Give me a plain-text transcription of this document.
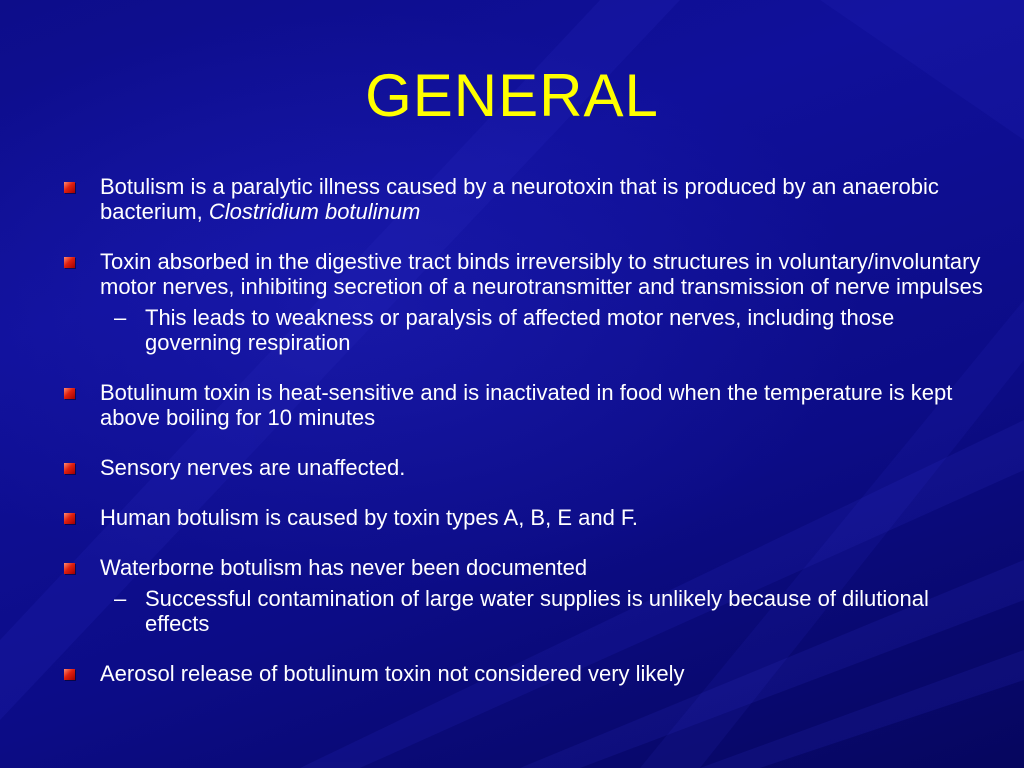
GENERAL
Botulism is a paralytic illness caused by a neurotoxin that is produced by an anaerobic bacterium, Clostridium botulinum
Toxin absorbed in the digestive tract binds irreversibly to structures in voluntary/involuntary motor nerves, inhibiting secretion of a neurotransmitter and transmission of nerve impulses
– This leads to weakness or paralysis of affected motor nerves, including those governing respiration
Botulinum toxin is heat-sensitive and is inactivated in food when the temperature is kept above boiling for 10 minutes
Sensory nerves are unaffected.
Human botulism is caused by toxin types A, B, E and F.
Waterborne botulism has never been documented
– Successful contamination of large water supplies is unlikely because of dilutional effects
Aerosol release of botulinum toxin not considered very likely
